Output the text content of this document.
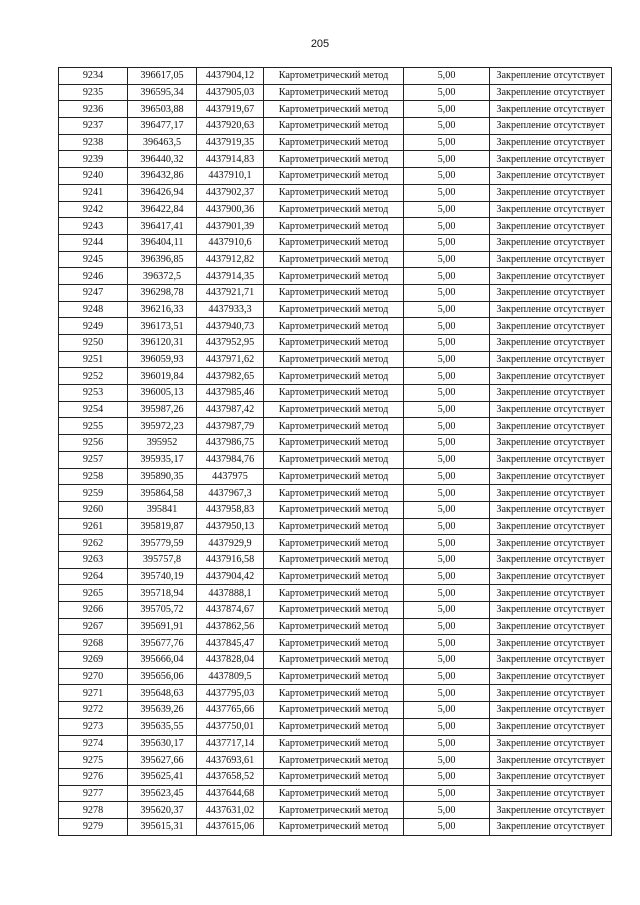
205
9234	396617,05	4437904,12	Картометрический метод	5,00	Закрепление отсутствует
9235	396595,34	4437905,03	Картометрический метод	5,00	Закрепление отсутствует
9236	396503,88	4437919,67	Картометрический метод	5,00	Закрепление отсутствует
9237	396477,17	4437920,63	Картометрический метод	5,00	Закрепление отсутствует
9238	396463,5	4437919,35	Картометрический метод	5,00	Закрепление отсутствует
9239	396440,32	4437914,83	Картометрический метод	5,00	Закрепление отсутствует
9240	396432,86	4437910,1	Картометрический метод	5,00	Закрепление отсутствует
9241	396426,94	4437902,37	Картометрический метод	5,00	Закрепление отсутствует
9242	396422,84	4437900,36	Картометрический метод	5,00	Закрепление отсутствует
9243	396417,41	4437901,39	Картометрический метод	5,00	Закрепление отсутствует
9244	396404,11	4437910,6	Картометрический метод	5,00	Закрепление отсутствует
9245	396396,85	4437912,82	Картометрический метод	5,00	Закрепление отсутствует
9246	396372,5	4437914,35	Картометрический метод	5,00	Закрепление отсутствует
9247	396298,78	4437921,71	Картометрический метод	5,00	Закрепление отсутствует
9248	396216,33	4437933,3	Картометрический метод	5,00	Закрепление отсутствует
9249	396173,51	4437940,73	Картометрический метод	5,00	Закрепление отсутствует
9250	396120,31	4437952,95	Картометрический метод	5,00	Закрепление отсутствует
9251	396059,93	4437971,62	Картометрический метод	5,00	Закрепление отсутствует
9252	396019,84	4437982,65	Картометрический метод	5,00	Закрепление отсутствует
9253	396005,13	4437985,46	Картометрический метод	5,00	Закрепление отсутствует
9254	395987,26	4437987,42	Картометрический метод	5,00	Закрепление отсутствует
9255	395972,23	4437987,79	Картометрический метод	5,00	Закрепление отсутствует
9256	395952	4437986,75	Картометрический метод	5,00	Закрепление отсутствует
9257	395935,17	4437984,76	Картометрический метод	5,00	Закрепление отсутствует
9258	395890,35	4437975	Картометрический метод	5,00	Закрепление отсутствует
9259	395864,58	4437967,3	Картометрический метод	5,00	Закрепление отсутствует
9260	395841	4437958,83	Картометрический метод	5,00	Закрепление отсутствует
9261	395819,87	4437950,13	Картометрический метод	5,00	Закрепление отсутствует
9262	395779,59	4437929,9	Картометрический метод	5,00	Закрепление отсутствует
9263	395757,8	4437916,58	Картометрический метод	5,00	Закрепление отсутствует
9264	395740,19	4437904,42	Картометрический метод	5,00	Закрепление отсутствует
9265	395718,94	4437888,1	Картометрический метод	5,00	Закрепление отсутствует
9266	395705,72	4437874,67	Картометрический метод	5,00	Закрепление отсутствует
9267	395691,91	4437862,56	Картометрический метод	5,00	Закрепление отсутствует
9268	395677,76	4437845,47	Картометрический метод	5,00	Закрепление отсутствует
9269	395666,04	4437828,04	Картометрический метод	5,00	Закрепление отсутствует
9270	395656,06	4437809,5	Картометрический метод	5,00	Закрепление отсутствует
9271	395648,63	4437795,03	Картометрический метод	5,00	Закрепление отсутствует
9272	395639,26	4437765,66	Картометрический метод	5,00	Закрепление отсутствует
9273	395635,55	4437750,01	Картометрический метод	5,00	Закрепление отсутствует
9274	395630,17	4437717,14	Картометрический метод	5,00	Закрепление отсутствует
9275	395627,66	4437693,61	Картометрический метод	5,00	Закрепление отсутствует
9276	395625,41	4437658,52	Картометрический метод	5,00	Закрепление отсутствует
9277	395623,45	4437644,68	Картометрический метод	5,00	Закрепление отсутствует
9278	395620,37	4437631,02	Картометрический метод	5,00	Закрепление отсутствует
9279	395615,31	4437615,06	Картометрический метод	5,00	Закрепление отсутствует
